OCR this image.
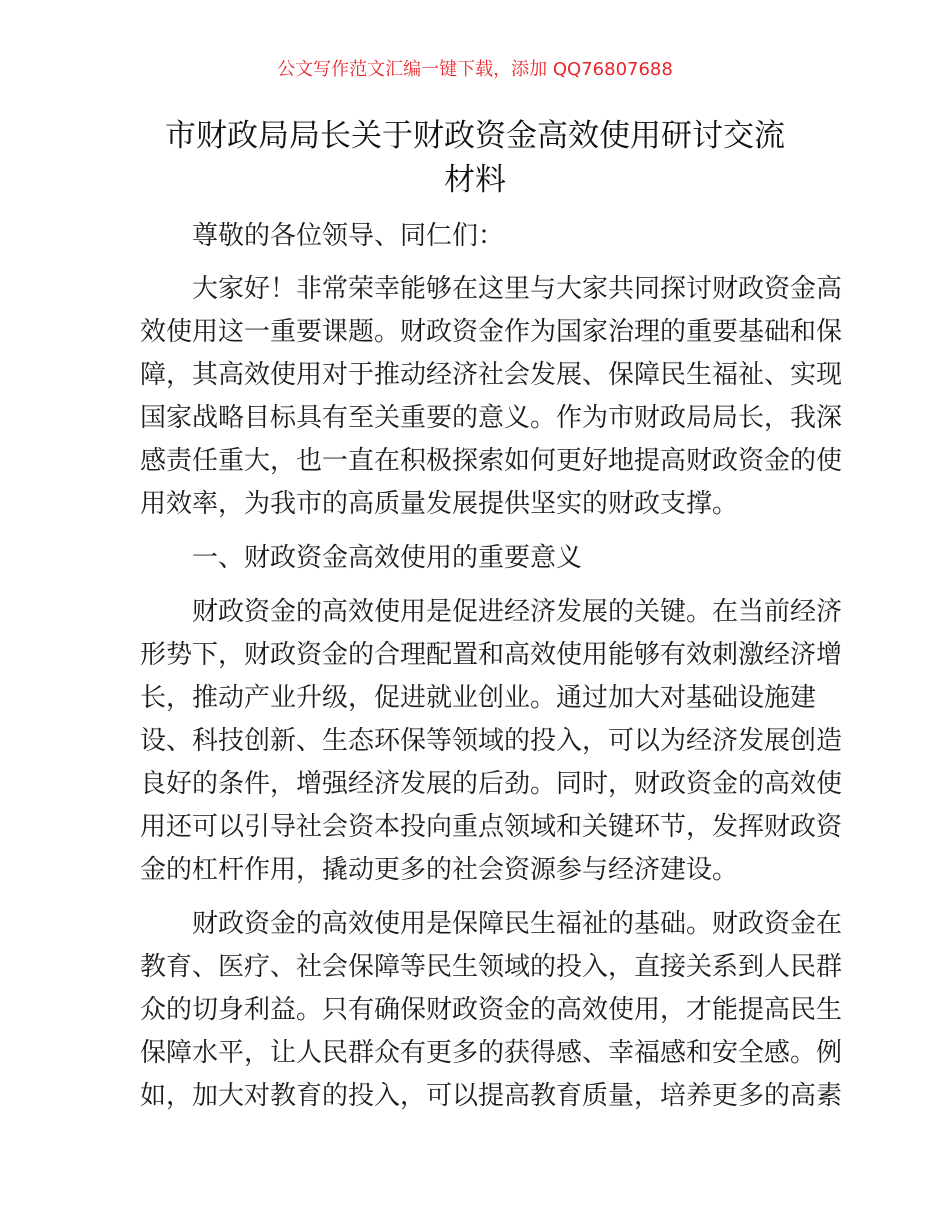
公文写作范文汇编一键下载，添加 QQ76807688
市财政局局长关于财政资金高效使用研讨交流
材料
尊敬的各位领导、同仁们：
大家好！非常荣幸能够在这里与大家共同探讨财政资金高
效使用这一重要课题。财政资金作为国家治理的重要基础和保
障，其高效使用对于推动经济社会发展、保障民生福祉、实现
国家战略目标具有至关重要的意义。作为市财政局局长，我深
感责任重大，也一直在积极探索如何更好地提高财政资金的使
用效率，为我市的高质量发展提供坚实的财政支撑。
一、财政资金高效使用的重要意义
财政资金的高效使用是促进经济发展的关键。在当前经济
形势下，财政资金的合理配置和高效使用能够有效刺激经济增
长，推动产业升级，促进就业创业。通过加大对基础设施建
设、科技创新、生态环保等领域的投入，可以为经济发展创造
良好的条件，增强经济发展的后劲。同时，财政资金的高效使
用还可以引导社会资本投向重点领域和关键环节，发挥财政资
金的杠杆作用，撬动更多的社会资源参与经济建设。
财政资金的高效使用是保障民生福祉的基础。财政资金在
教育、医疗、社会保障等民生领域的投入，直接关系到人民群
众的切身利益。只有确保财政资金的高效使用，才能提高民生
保障水平，让人民群众有更多的获得感、幸福感和安全感。例
如，加大对教育的投入，可以提高教育质量，培养更多的高素
